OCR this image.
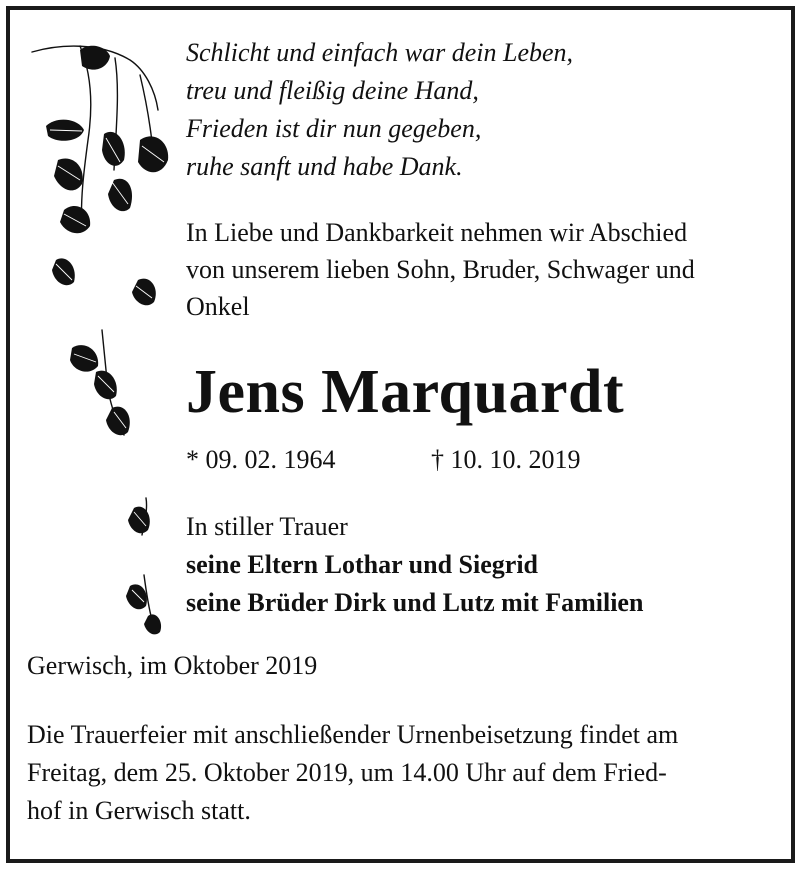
Schlicht und einfach war dein Leben,
treu und fleißig deine Hand,
Frieden ist dir nun gegeben,
ruhe sanft und habe Dank.
In Liebe und Dankbarkeit nehmen wir Abschied
von unserem lieben Sohn, Bruder, Schwager und
Onkel
Jens Marquardt
* 09. 02. 1964	† 10. 10. 2019
In stiller Trauer
seine Eltern Lothar und Siegrid
seine Brüder Dirk und Lutz mit Familien
Gerwisch, im Oktober 2019
Die Trauerfeier mit anschließender Urnenbeisetzung findet am
Freitag, dem 25. Oktober 2019, um 14.00 Uhr auf dem Fried-
hof in Gerwisch statt.
